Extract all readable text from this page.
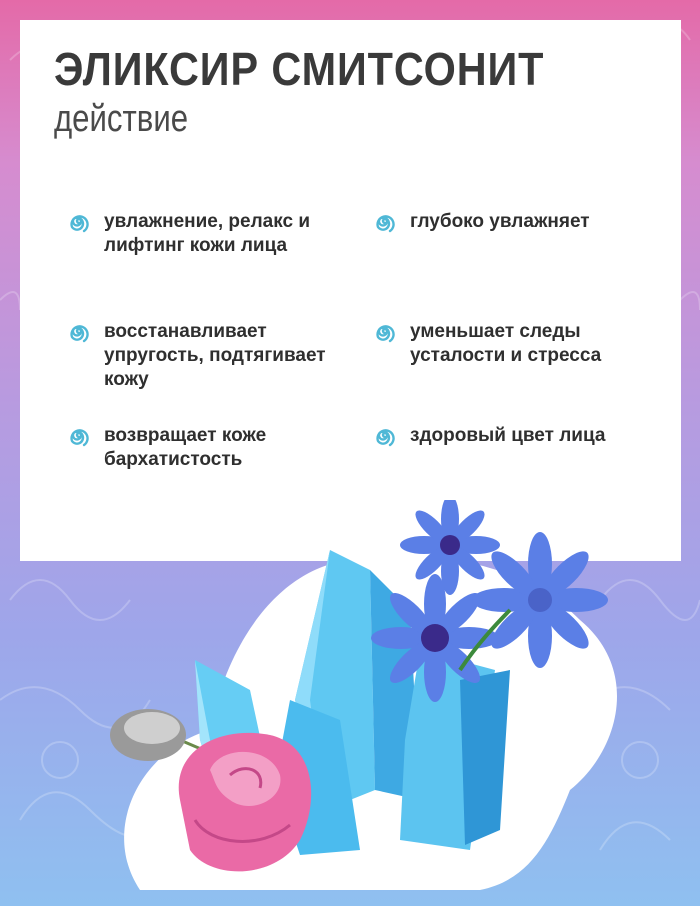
ЭЛИКСИР СМИТСОНИТ
действие
увлажнение, релакс и лифтинг кожи лица
восстанавливает упругость, подтягивает кожу
возвращает коже бархатистость
глубоко увлажняет
уменьшает следы усталости и стресса
здоровый цвет лица
